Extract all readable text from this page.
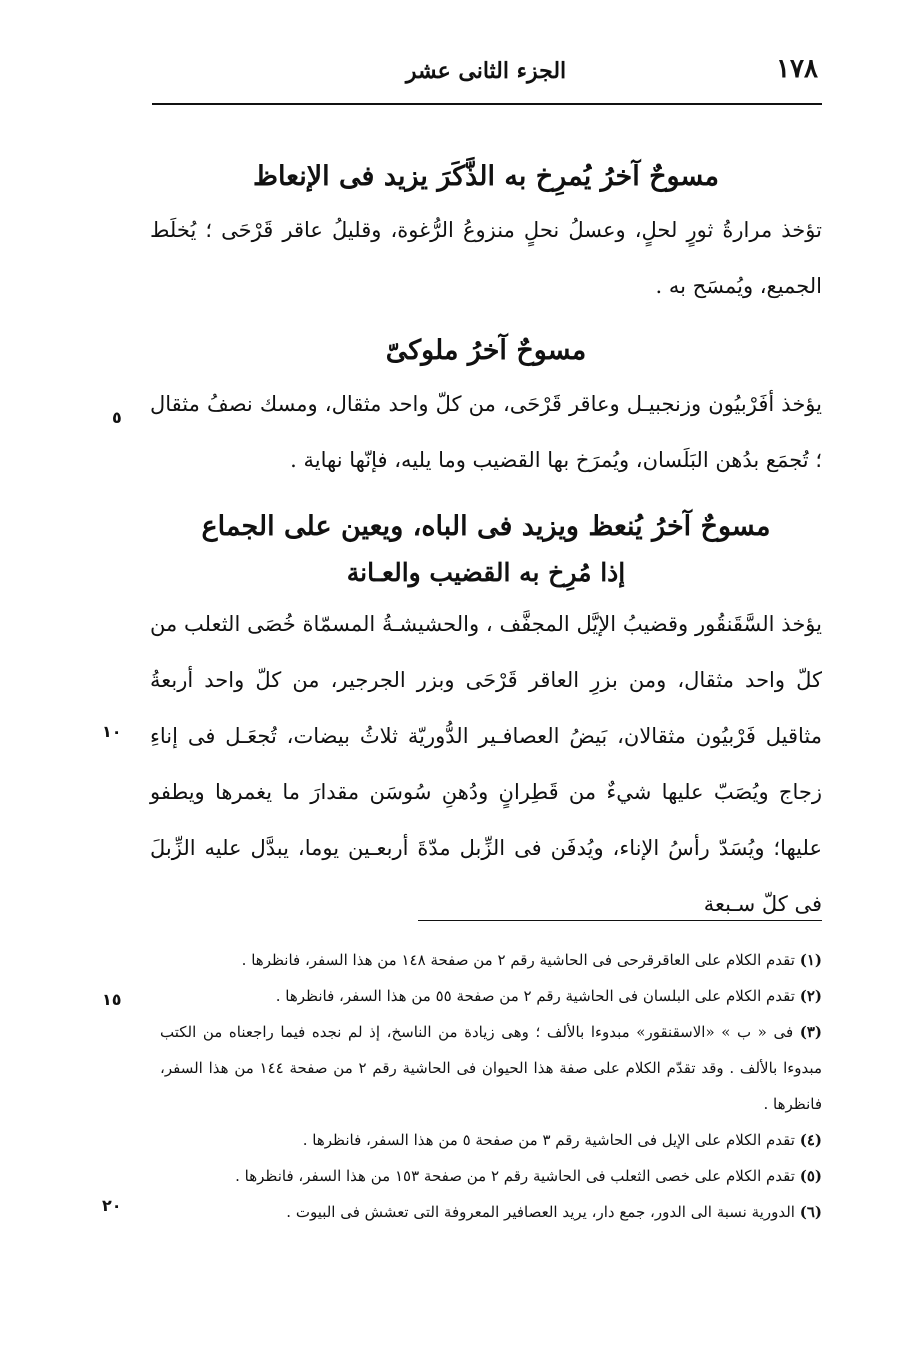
١٧٨
الجزء الثانى عشر
مسوحٌ آخرُ يُمرِخ به الذَّكَرَ يزيد فى الإنعاظ

تؤخذ مرارةُ ثورٍ لحلٍ، وعسلُ نحلٍ منزوعُ الرُّغوة، وقليلُ عاقر قَرْحَى ؛ يُخلَط الجميع، ويُمسَح به .

مسوحٌ آخرُ ملوكىّ

يؤخذ أفَرْبيُون وزنجبيـل وعاقر قَرْحَى، من كلّ واحد مثقال، ومسك نصفُ مثقال ؛ تُجمَع بدُهن البَلَسان، ويُمرَخ بها القضيب وما يليه، فإنّها نهاية .

مسوحٌ آخرُ يُنعظ ويزيد فى الباه، ويعين على الجماع
إذا مُرِخ به القضيب والعـانة

يؤخذ السَّقَنقُور وقضيبُ الإيَّل المجفَّف ، والحشيشـةُ المسمّاة خُصَى الثعلب من كلّ واحد مثقال، ومن بزرِ العاقر قَرْحَى وبزر الجرجير، من كلّ واحد أربعةُ مثاقيل فَرْبيُون مثقالان، بَيضُ العصافـير الدُّوريّة ثلاثُ بيضات، تُجعَـل فى إناءِ زجاج ويُصَبّ عليها شيءٌ من قَطِرانٍ ودُهنِ سُوسَن مقدارَ ما يغمرها ويطفو عليها؛ ويُسَدّ رأسُ الإناء، ويُدفَن فى الزِّبل مدّةَ أربعـين يوما، يبدَّل عليه الزِّبلَ فى كلّ سـبعة

٥
١٠
١٥
٢٠

(١) تقدم الكلام على العاقرقرحى فى الحاشية رقم ٢ من صفحة ١٤٨ من هذا السفر، فانظرها .

(٢) تقدم الكلام على البلسان فى الحاشية رقم ٢ من صفحة ٥٥ من هذا السفر، فانظرها .

(٣) فى « ب » «الاسقنقور» مبدوءا بالألف ؛ وهى زيادة من الناسخ، إذ لم نجده فيما راجعناه من الكتب مبدوءا بالألف . وقد تقدّم الكلام على صفة هذا الحيوان فى الحاشية رقم ٢ من صفحة ١٤٤ من هذا السفر، فانظرها .

(٤) تقدم الكلام على الإيل فى الحاشية رقم ٣ من صفحة ٥ من هذا السفر، فانظرها .

(٥) تقدم الكلام على خصى الثعلب فى الحاشية رقم ٢ من صفحة ١٥٣ من هذا السفر، فانظرها .

(٦) الدورية نسبة الى الدور، جمع دار، يريد العصافير المعروفة التى تعشش فى البيوت .
